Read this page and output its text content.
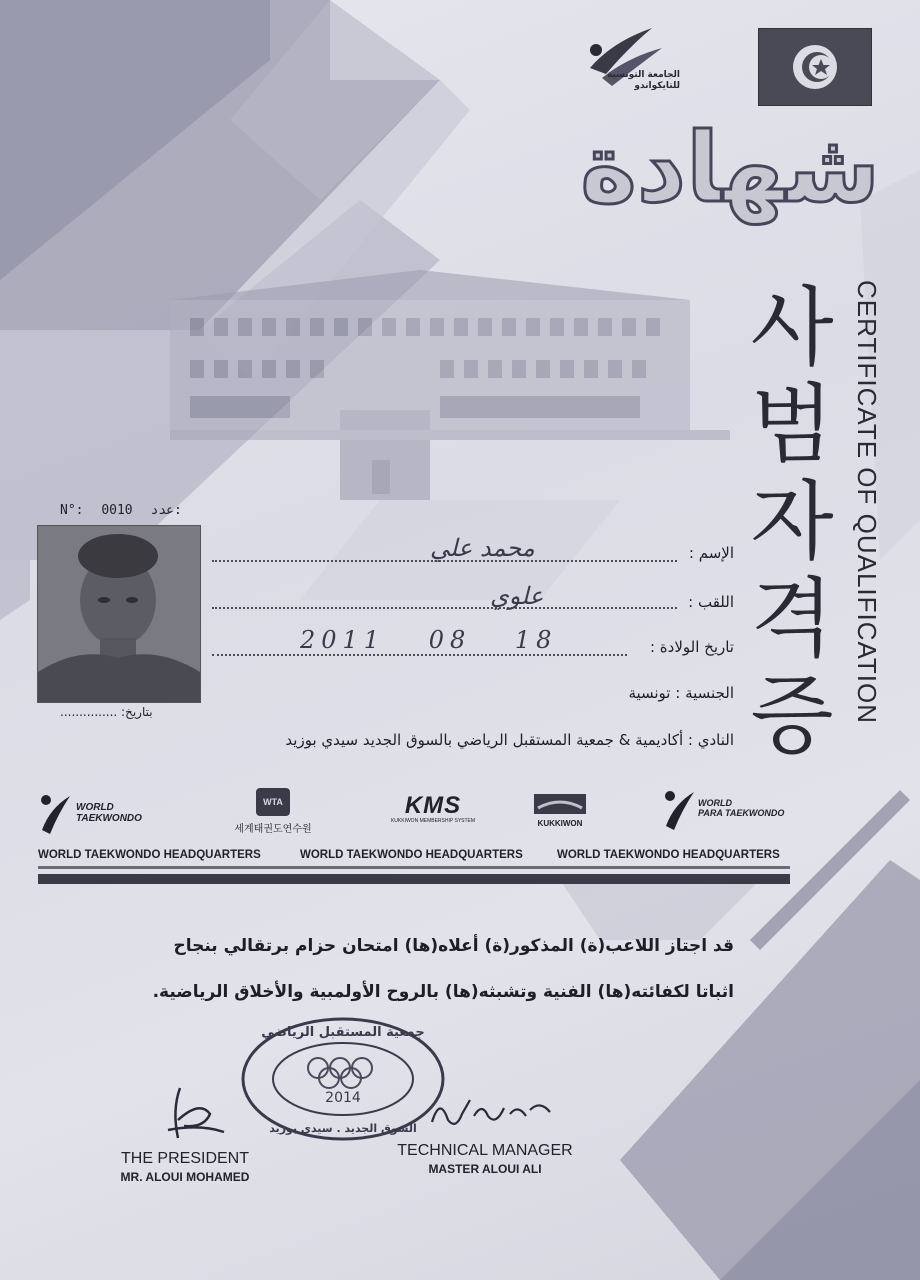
الجامعة التونسية للتايكواندو
شهادة
사
범
자
격
증 CERTIFICATE OF QUALIFICATION
N°: 0010 عدد:
بتاريخ: ...............
الإسم :
محمد علي
اللقب :
علوي
تاريخ الولادة :
2011 08 18
الجنسية : تونسية
النادي : أكاديمية & جمعية المستقبل الرياضي بالسوق الجديد سيدي بوزيد
WORLD
TAEKWONDO
WTA
세계태권도연수원
KMS
KUKKIWON MEMBERSHIP SYSTEM	KUKKIWON
WORLD
PARA TAEKWONDO
WORLD TAEKWONDO HEADQUARTERS	WORLD TAEKWONDO HEADQUARTERS	WORLD TAEKWONDO HEADQUARTERS
قد اجتاز اللاعب(ة) المذكور(ة) أعلاه(ها) امتحان حزام برتقالي بنجاح
اثباتا لكفائته(ها) الفنية وتشبثه(ها) بالروح الأولمبية والأخلاق الرياضية.
2014
جمعية المستقبل الرياضي
السوق الجديد . سيدي بوزيد
THE PRESIDENT
MR. ALOUI MOHAMED
TECHNICAL MANAGER
MASTER ALOUI ALI
